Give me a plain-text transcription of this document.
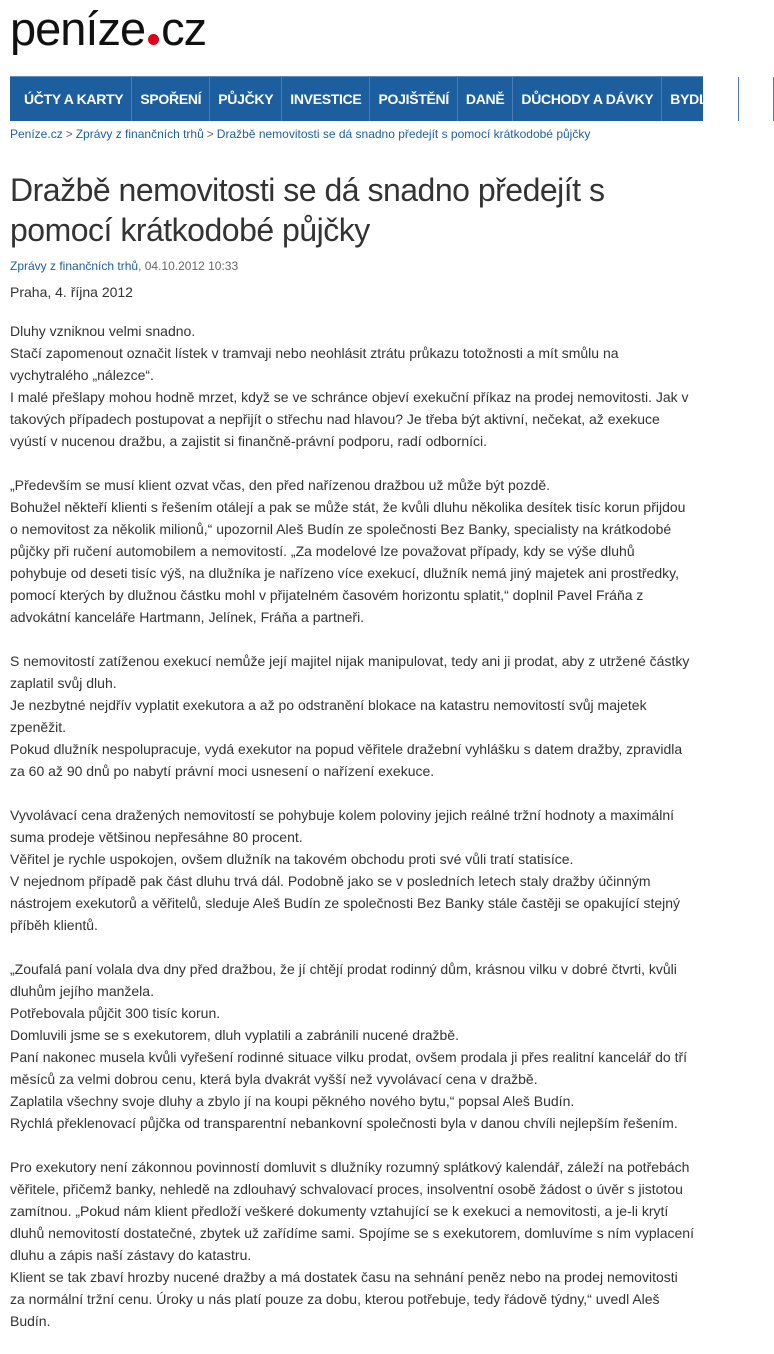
peníze cz
ÚČTY A KARTY SPOŘENÍ PŮJČKY INVESTICE POJIŠTĚNÍ DANĚ DŮCHODY A DÁVKY BYDLENÍ ZA
Peníze.cz > Zprávy z finančních trhů > Dražbě nemovitosti se dá snadno předejít s pomocí krátkodobé půjčky
Dražbě nemovitosti se dá snadno předejít s pomocí krátkodobé půjčky
Zprávy z finančních trhů, 04.10.2012 10:33
Praha, 4. října 2012

Dluhy vzniknou velmi snadno.
Stačí zapomenout označit lístek v tramvaji nebo neohlásit ztrátu průkazu totožnosti a mít smůlu na vychytralého „nálezce“.
I malé přešlapy mohou hodně mrzet, když se ve schránce objeví exekuční příkaz na prodej nemovitosti. Jak v takových případech postupovat a nepřijít o střechu nad hlavou? Je třeba být aktivní, nečekat, až exekuce vyústí v nucenou dražbu, a zajistit si finančně-právní podporu, radí odborníci.

„Především se musí klient ozvat včas, den před nařízenou dražbou už může být pozdě.
Bohužel někteří klienti s řešením otálejí a pak se může stát, že kvůli dluhu několika desítek tisíc korun přijdou o nemovitost za několik milionů,“ upozornil Aleš Budín ze společnosti Bez Banky, specialisty na krátkodobé půjčky při ručení automobilem a nemovitostí. „Za modelové lze považovat případy, kdy se výše dluhů pohybuje od deseti tisíc výš, na dlužníka je nařízeno více exekucí, dlužník nemá jiný majetek ani prostředky, pomocí kterých by dlužnou částku mohl v přijatelném časovém horizontu splatit,“ doplnil Pavel Fráňa z advokátní kanceláře Hartmann, Jelínek, Fráňa a partneři.

S nemovitostí zatíženou exekucí nemůže její majitel nijak manipulovat, tedy ani ji prodat, aby z utržené částky zaplatil svůj dluh.
Je nezbytné nejdřív vyplatit exekutora a až po odstranění blokace na katastru nemovitostí svůj majetek zpeněžit.
Pokud dlužník nespolupracuje, vydá exekutor na popud věřitele dražební vyhlášku s datem dražby, zpravidla za 60 až 90 dnů po nabytí právní moci usnesení o nařízení exekuce.

Vyvolávací cena dražených nemovitostí se pohybuje kolem poloviny jejich reálné tržní hodnoty a maximální suma prodeje většinou nepřesáhne 80 procent.
Věřitel je rychle uspokojen, ovšem dlužník na takovém obchodu proti své vůli tratí statisíce.
V nejednom případě pak část dluhu trvá dál. Podobně jako se v posledních letech staly dražby účinným nástrojem exekutorů a věřitelů, sleduje Aleš Budín ze společnosti Bez Banky stále častěji se opakující stejný příběh klientů.

„Zoufalá paní volala dva dny před dražbou, že jí chtějí prodat rodinný dům, krásnou vilku v dobré čtvrti, kvůli dluhům jejího manžela.
Potřebovala půjčit 300 tisíc korun.
Domluvili jsme se s exekutorem, dluh vyplatili a zabránili nucené dražbě.
Paní nakonec musela kvůli vyřešení rodinné situace vilku prodat, ovšem prodala ji přes realitní kancelář do tří měsíců za velmi dobrou cenu, která byla dvakrát vyšší než vyvolávací cena v dražbě.
Zaplatila všechny svoje dluhy a zbylo jí na koupi pěkného nového bytu,“ popsal Aleš Budín.
Rychlá překlenovací půjčka od transparentní nebankovní společnosti byla v danou chvíli nejlepším řešením.

Pro exekutory není zákonnou povinností domluvit s dlužníky rozumný splátkový kalendář, záleží na potřebách věřitele, přičemž banky, nehledě na zdlouhavý schvalovací proces, insolventní osobě žádost o úvěr s jistotou zamítnou. „Pokud nám klient předloží veškeré dokumenty vztahující se k exekuci a nemovitosti, a je-li krytí dluhů nemovitostí dostatečné, zbytek už zařídíme sami. Spojíme se s exekutorem, domluvíme s ním vyplacení dluhu a zápis naší zástavy do katastru.
Klient se tak zbaví hrozby nucené dražby a má dostatek času na sehnání peněz nebo na prodej nemovitosti za normální tržní cenu. Úroky u nás platí pouze za dobu, kterou potřebuje, tedy řádově týdny,“ uvedl Aleš Budín.
